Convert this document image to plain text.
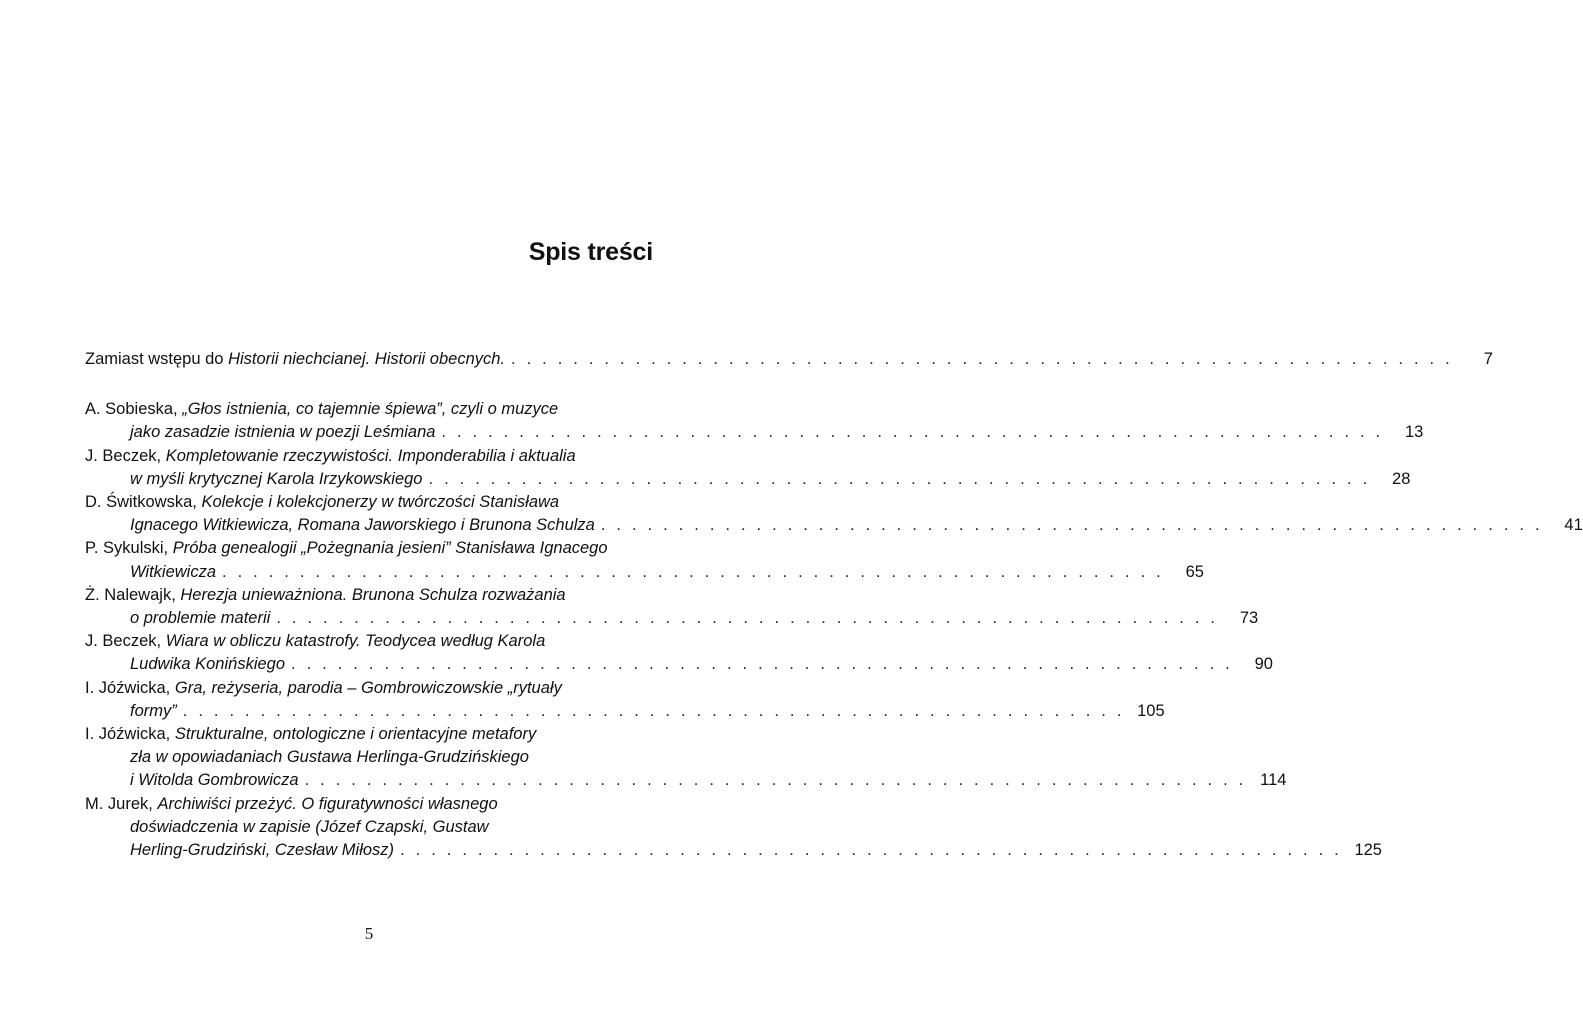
Spis treści
Zamiast wstępu do Historii niechcianej. Historii obecnych. . . . . . . . . . . . . . . . . . . . . . . . . . . . . . . . . . . . . . . . . . . . . . . . . . . . . . . . . . . . . .	7
A. Sobieska, „Głos istnienia, co tajemnie śpiewa”, czyli o muzyce
jako zasadzie istnienia w poezji Leśmiana . . . . . . . . . . . . . . . . . . . . . . . . . . . . . . . . . . . . . . . . . . . . . . . . . . . . . . . . . . . . .	13
J. Beczek, Kompletowanie rzeczywistości. Imponderabilia i aktualia
w myśli krytycznej Karola Irzykowskiego . . . . . . . . . . . . . . . . . . . . . . . . . . . . . . . . . . . . . . . . . . . . . . . . . . . . . . . . . . . . .	28
D. Świtkowska, Kolekcje i kolekcjonerzy w twórczości Stanisława
Ignacego Witkiewicza, Romana Jaworskiego i Brunona Schulza . . . . . . . . . . . . . . . . . . . . . . . . . . . . . . . . . . . . . . . . . . . . . . . . . . . . . . . . . . . . .	41
P. Sykulski, Próba genealogii „Pożegnania jesieni” Stanisława Ignacego
Witkiewicza . . . . . . . . . . . . . . . . . . . . . . . . . . . . . . . . . . . . . . . . . . . . . . . . . . . . . . . . . . . . .	65
Ż. Nalewajk, Herezja unieważniona. Brunona Schulza rozważania
o problemie materii . . . . . . . . . . . . . . . . . . . . . . . . . . . . . . . . . . . . . . . . . . . . . . . . . . . . . . . . . . . . .	73
J. Beczek, Wiara w obliczu katastrofy. Teodycea według Karola
Ludwika Konińskiego . . . . . . . . . . . . . . . . . . . . . . . . . . . . . . . . . . . . . . . . . . . . . . . . . . . . . . . . . . . . .	90
I. Jóźwicka, Gra, reżyseria, parodia – Gombrowiczowskie „rytuały
formy” . . . . . . . . . . . . . . . . . . . . . . . . . . . . . . . . . . . . . . . . . . . . . . . . . . . . . . . . . . . . . 105
I. Jóźwicka, Strukturalne, ontologiczne i orientacyjne metafory
zła w opowiadaniach Gustawa Herlinga-Grudzińskiego
i Witolda Gombrowicza . . . . . . . . . . . . . . . . . . . . . . . . . . . . . . . . . . . . . . . . . . . . . . . . . . . . . . . . . . . . . 114
M. Jurek, Archiwiści przeżyć. O figuratywności własnego
doświadczenia w zapisie (Józef Czapski, Gustaw
Herling-Grudziński, Czesław Miłosz) . . . . . . . . . . . . . . . . . . . . . . . . . . . . . . . . . . . . . . . . . . . . . . . . . . . . . . . . . . . . . 125
5
